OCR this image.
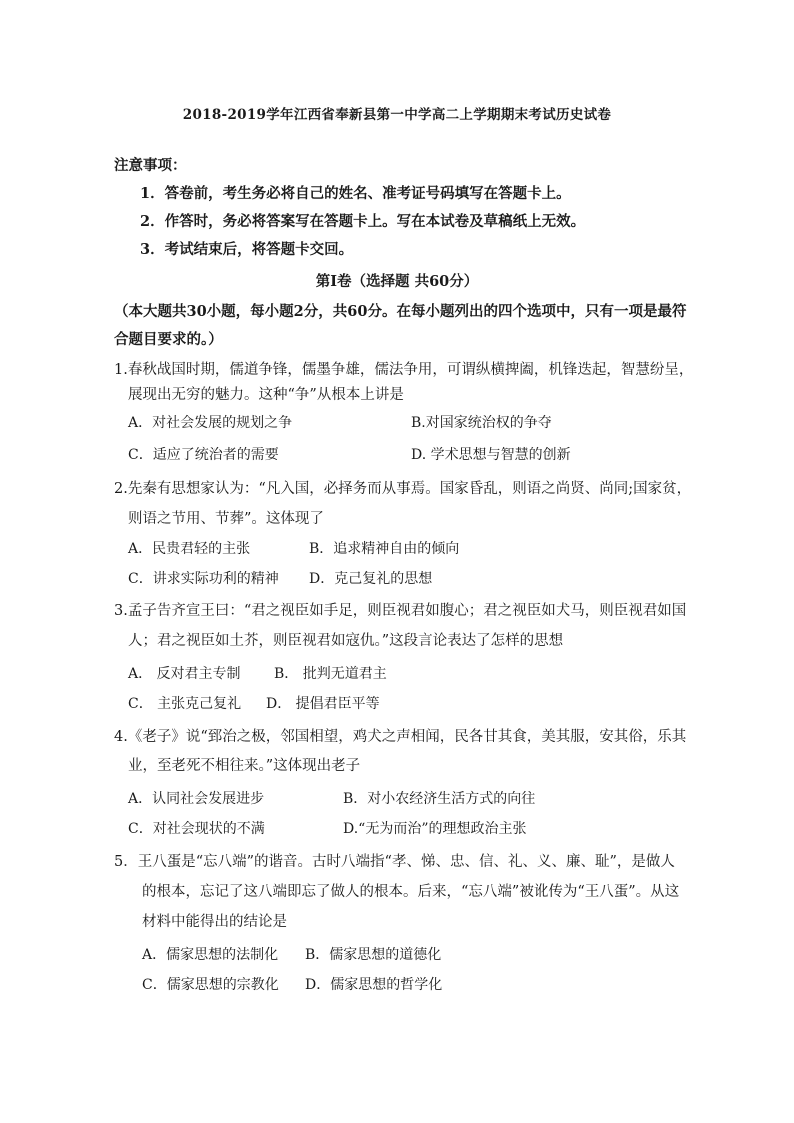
2018-2019学年江西省奉新县第一中学高二上学期期末考试历史试卷
注意事项：
1．答卷前，考生务必将自己的姓名、准考证号码填写在答题卡上。
2．作答时，务必将答案写在答题卡上。写在本试卷及草稿纸上无效。
3．考试结束后，将答题卡交回。
第Ⅰ卷（选择题 共60分）
（本大题共30小题，每小题2分，共60分。在每小题列出的四个选项中，只有一项是最符
合题目要求的。）
1.春秋战国时期，儒道争锋，儒墨争雄，儒法争用，可谓纵横捭阖，机锋迭起，智慧纷呈，
展现出无穷的魅力。这种“争”从根本上讲是
A．对社会发展的规划之争	B.对国家统治权的争夺
C．适应了统治者的需要	D. 学术思想与智慧的创新
2.先秦有思想家认为：“凡入国，必择务而从事焉。国家昏乱，则语之尚贤、尚同;国家贫，
则语之节用、节葬”。这体现了
A．民贵君轻的主张	B．追求精神自由的倾向
C．讲求实际功利的精神 D．克己复礼的思想
3.孟子告齐宣王曰：“君之视臣如手足，则臣视君如腹心；君之视臣如犬马，则臣视君如国
人；君之视臣如土芥，则臣视君如寇仇。”这段言论表达了怎样的思想
A． 反对君主专制 B． 批判无道君主
C． 主张克己复礼 D． 提倡君臣平等
4.《老子》说“郅治之极，邻国相望，鸡犬之声相闻，民各甘其食，美其服，安其俗，乐其
业，至老死不相往来。”这体现出老子
A．认同社会发展进步	B．对小农经济生活方式的向往
C．对社会现状的不满	D.“无为而治”的理想政治主张
5．王八蛋是“忘八端”的谐音。古时八端指“孝、悌、忠、信、礼、义、廉、耻”，是做人
的根本，忘记了这八端即忘了做人的根本。后来，“忘八端”被讹传为“王八蛋”。从这
材料中能得出的结论是
A．儒家思想的法制化 B．儒家思想的道德化
C．儒家思想的宗教化 D．儒家思想的哲学化
